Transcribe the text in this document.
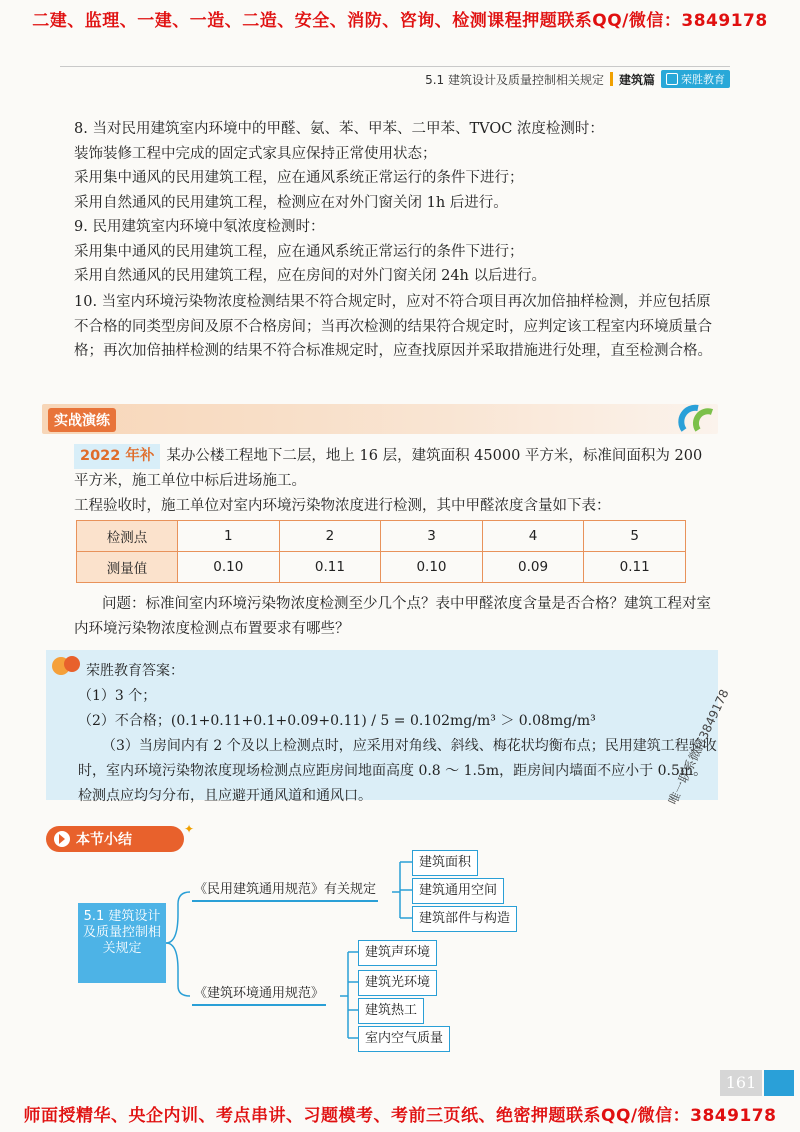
二建、监理、一建、一造、二造、安全、消防、咨询、检测课程押题联系QQ/微信：3849178
5.1 建筑设计及质量控制相关规定 建筑篇 荣胜教育

8. 当对民用建筑室内环境中的甲醛、氨、苯、甲苯、二甲苯、TVOC 浓度检测时：

装饰装修工程中完成的固定式家具应保持正常使用状态；

采用集中通风的民用建筑工程，应在通风系统正常运行的条件下进行；

采用自然通风的民用建筑工程，检测应在对外门窗关闭 1h 后进行。

9. 民用建筑室内环境中氡浓度检测时：

采用集中通风的民用建筑工程，应在通风系统正常运行的条件下进行；

采用自然通风的民用建筑工程，应在房间的对外门窗关闭 24h 以后进行。

10. 当室内环境污染物浓度检测结果不符合规定时，应对不符合项目再次加倍抽样检测，并应包括原不合格的同类型房间及原不合格房间；当再次检测的结果符合规定时，应判定该工程室内环境质量合格；再次加倍抽样检测的结果不符合标准规定时，应查找原因并采取措施进行处理，直至检测合格。
实战演练
2022 年补 某办公楼工程地下二层，地上 16 层，建筑面积 45000 平方米，标准间面积为 200 平方米，施工单位中标后进场施工。
工程验收时，施工单位对室内环境污染物浓度进行检测，其中甲醛浓度含量如下表：
检测点	1	2	3	4	5
测量值	0.10	0.11	0.10	0.09	0.11
问题：标准间室内环境污染物浓度检测至少几个点？表中甲醛浓度含量是否合格？建筑工程对室内环境污染物浓度检测点布置要求有哪些？
荣胜教育答案：

（1）3 个；

（2）不合格；(0.1+0.11+0.1+0.09+0.11) / 5 = 0.102mg/m³ ＞ 0.08mg/m³

（3）当房间内有 2 个及以上检测点时，应采用对角线、斜线、梅花状均衡布点；民用建筑工程验收时，室内环境污染物浓度现场检测点应距房间地面高度 0.8 ～ 1.5m，距房间内墙面不应小于 0.5m。检测点应均匀分布，且应避开通风道和通风口。	唯一联系微信3849178
本节小结
✦
5.1 建筑设计及质量控制相关规定
《民用建筑通用规范》有关规定
建筑面积
建筑通用空间
建筑部件与构造
《建筑环境通用规范》
建筑声环境
建筑光环境
建筑热工
室内空气质量
161
师面授精华、央企内训、考点串讲、习题模考、考前三页纸、绝密押题联系QQ/微信：3849178
